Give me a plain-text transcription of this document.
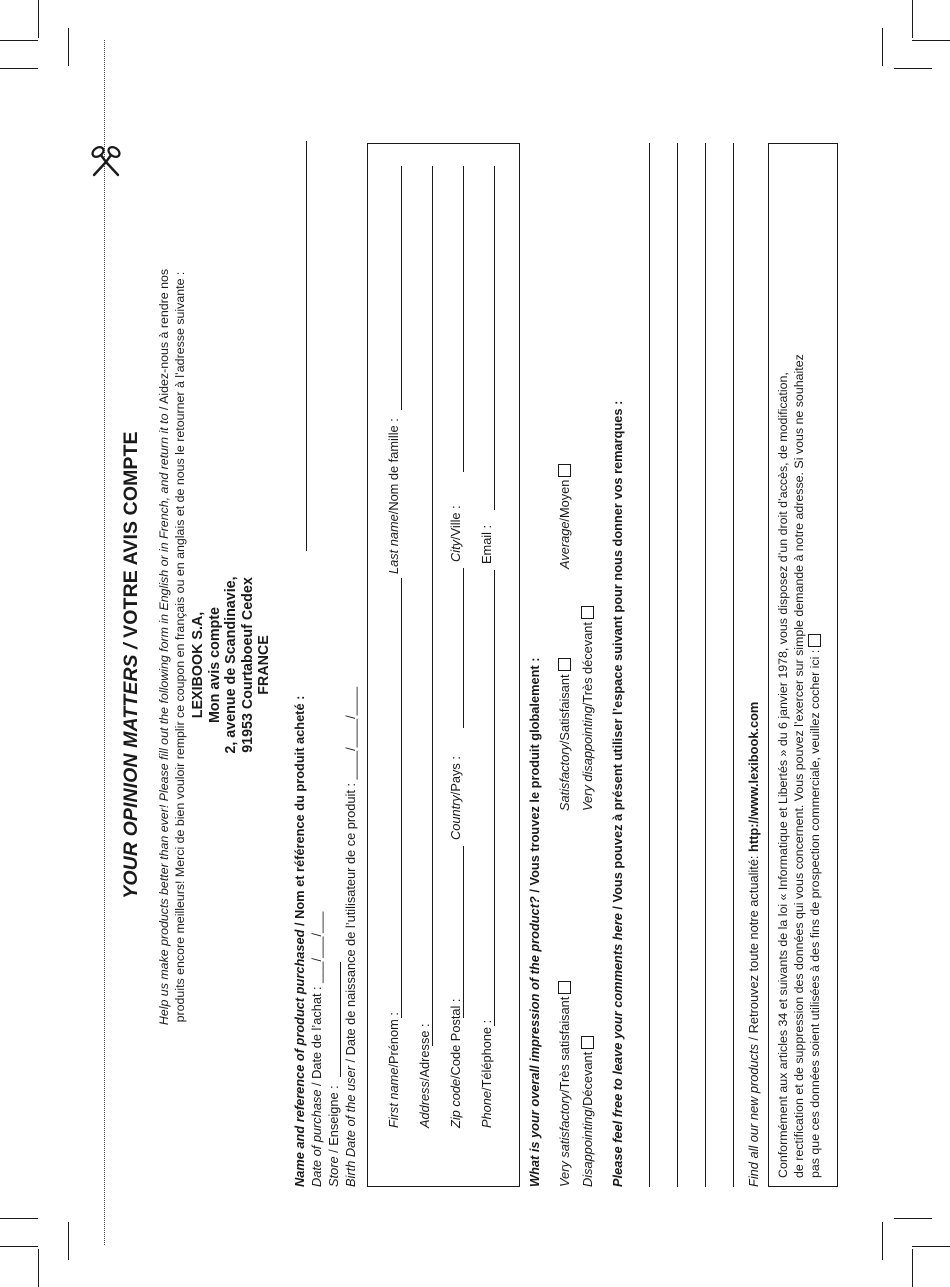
YOUR OPINION MATTERS / VOTRE AVIS COMPTE Help us make products better than ever! Please fill out the following form in English or in French, and return it to / Aidez-nous à rendre nos produits encore meilleurs! Merci de bien vouloir remplir ce coupon en français ou en anglais et de nous le retourner à l’adresse suivante : LEXIBOOK S.A, Mon avis compte 2, avenue de Scandinavie, 91953 Courtaboeuf Cedex FRANCE
Name and reference of product purchased / Nom et référence du produit acheté :
Date of purchase / Date de l’achat : ___/___/___
Store / Enseigne : Birth Date of the user / Date de naissance de l’utilisateur de ce produit : ____/____/____
First name/Prénom :
Last name/Nom de famille :
Address/Adresse :
Zip code/Code Postal :
Country/Pays :
City/Ville :
Phone/Téléphone :
Email :
What is your overall impression of the product? / Vous trouvez le produit globalement :
Very satisfactory/Très satisfaisant
Satisfactory/Satisfaisant
Average/Moyen
Disappointing/Décevant
Very disappointing/Très décevant
Please feel free to leave your comments here / Vous pouvez à présent utiliser l’espace suivant pour nous donner vos remarques :
Find all our new products / Retrouvez toute notre actualité: http://www.lexibook.com Conformément aux articles 34 et suivants de la loi « Informatique et Libertés » du 6 janvier 1978, vous disposez d’un droit d’accès, de modification, de rectification et de suppression des données qui vous concernent. Vous pouvez l’exercer sur simple demande à notre adresse. Si vous ne souhaitez pas que ces données soient utilisées à des fins de prospection commerciale, veuillez cocher ici :
